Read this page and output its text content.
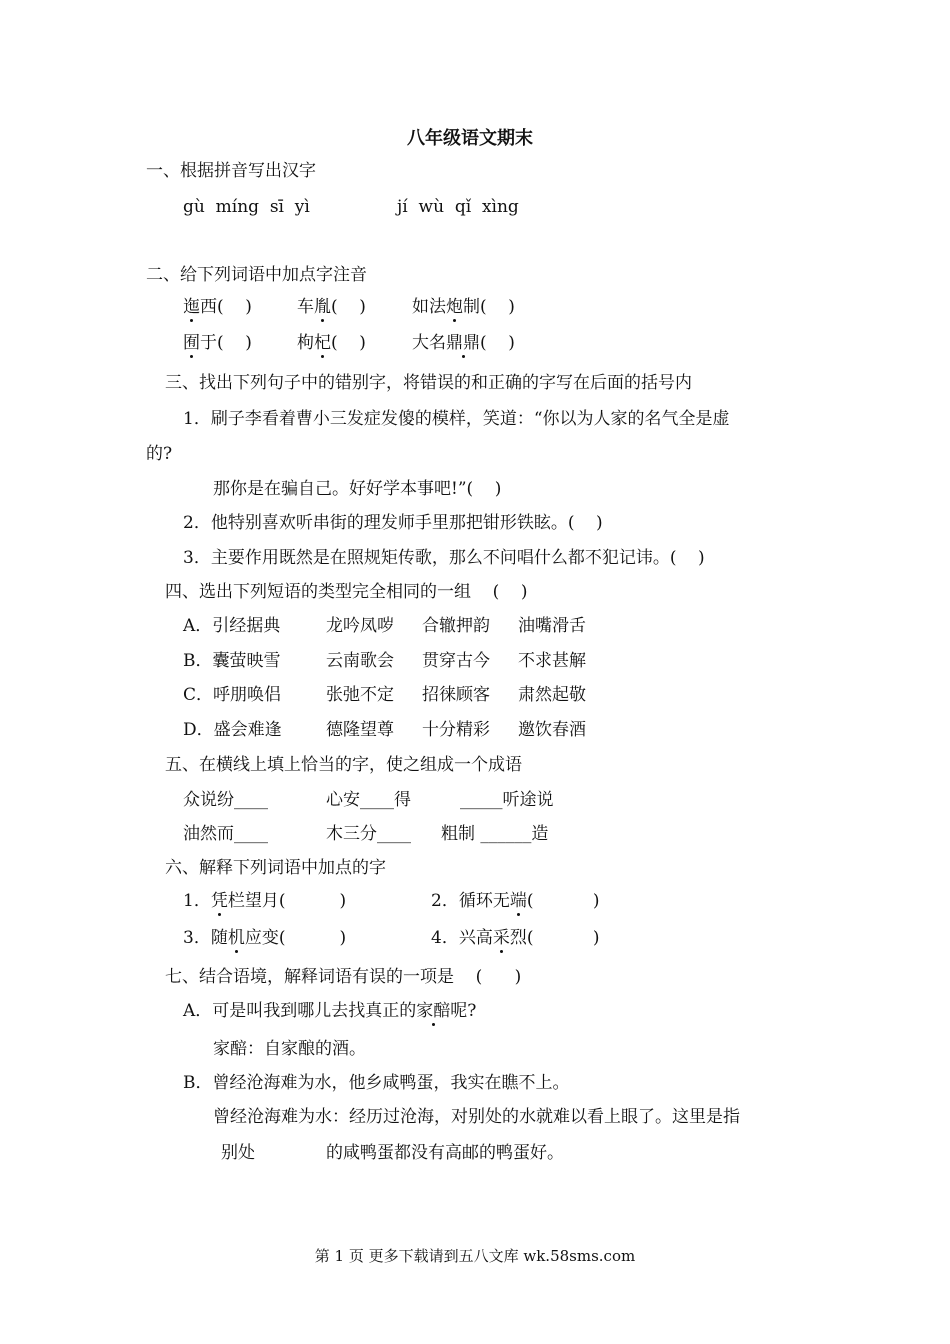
八年级语文期末
一、根据拼音写出汉字
gù  míng  sī  yì	jí  wù  qǐ  xìng
二、给下列词语中加点字注音
迤西(    )	车胤(    )	如法炮制(    )
囿于(    )	枸杞(    )	大名鼎鼎(    )
三、找出下列句子中的错别字，将错误的和正确的字写在后面的括号内
1．刷子李看着曹小三发症发傻的模样，笑道：“你以为人家的名气全是虚
的?
那你是在骗自己。好好学本事吧!”(    )
2．他特别喜欢听串街的理发师手里那把钳形铁眩。(    )
3．主要作用既然是在照规矩传歌，那么不问唱什么都不犯记讳。(    )
四、选出下列短语的类型完全相同的一组    (    )
A．引经据典	龙吟凤哕 合辙押韵 油嘴滑舌
B．囊萤映雪	云南歌会 贯穿古今 不求甚解
C．呼朋唤侣	张弛不定 招徕顾客 肃然起敬
D．盛会难逢	德隆望尊 十分精彩 邀饮春酒
五、在横线上填上恰当的字，使之组成一个成语
众说纷____	心安____得	_____听途说
油然而____	木三分____ 粗制 ______造
六、解释下列词语中加点的字
1．凭栏望月(          )	2．循环无端(           )
3．随机应变(          )	4．兴高采烈(           )
七、结合语境，解释词语有误的一项是    (      )
A．可是叫我到哪儿去找真正的家醅呢?
家醅：自家酿的酒。
B．曾经沧海难为水，他乡咸鸭蛋，我实在瞧不上。
曾经沧海难为水：经历过沧海，对别处的水就难以看上眼了。这里是指
别处	的咸鸭蛋都没有高邮的鸭蛋好。
第 1 页 更多下载请到五八文库 wk.58sms.com
